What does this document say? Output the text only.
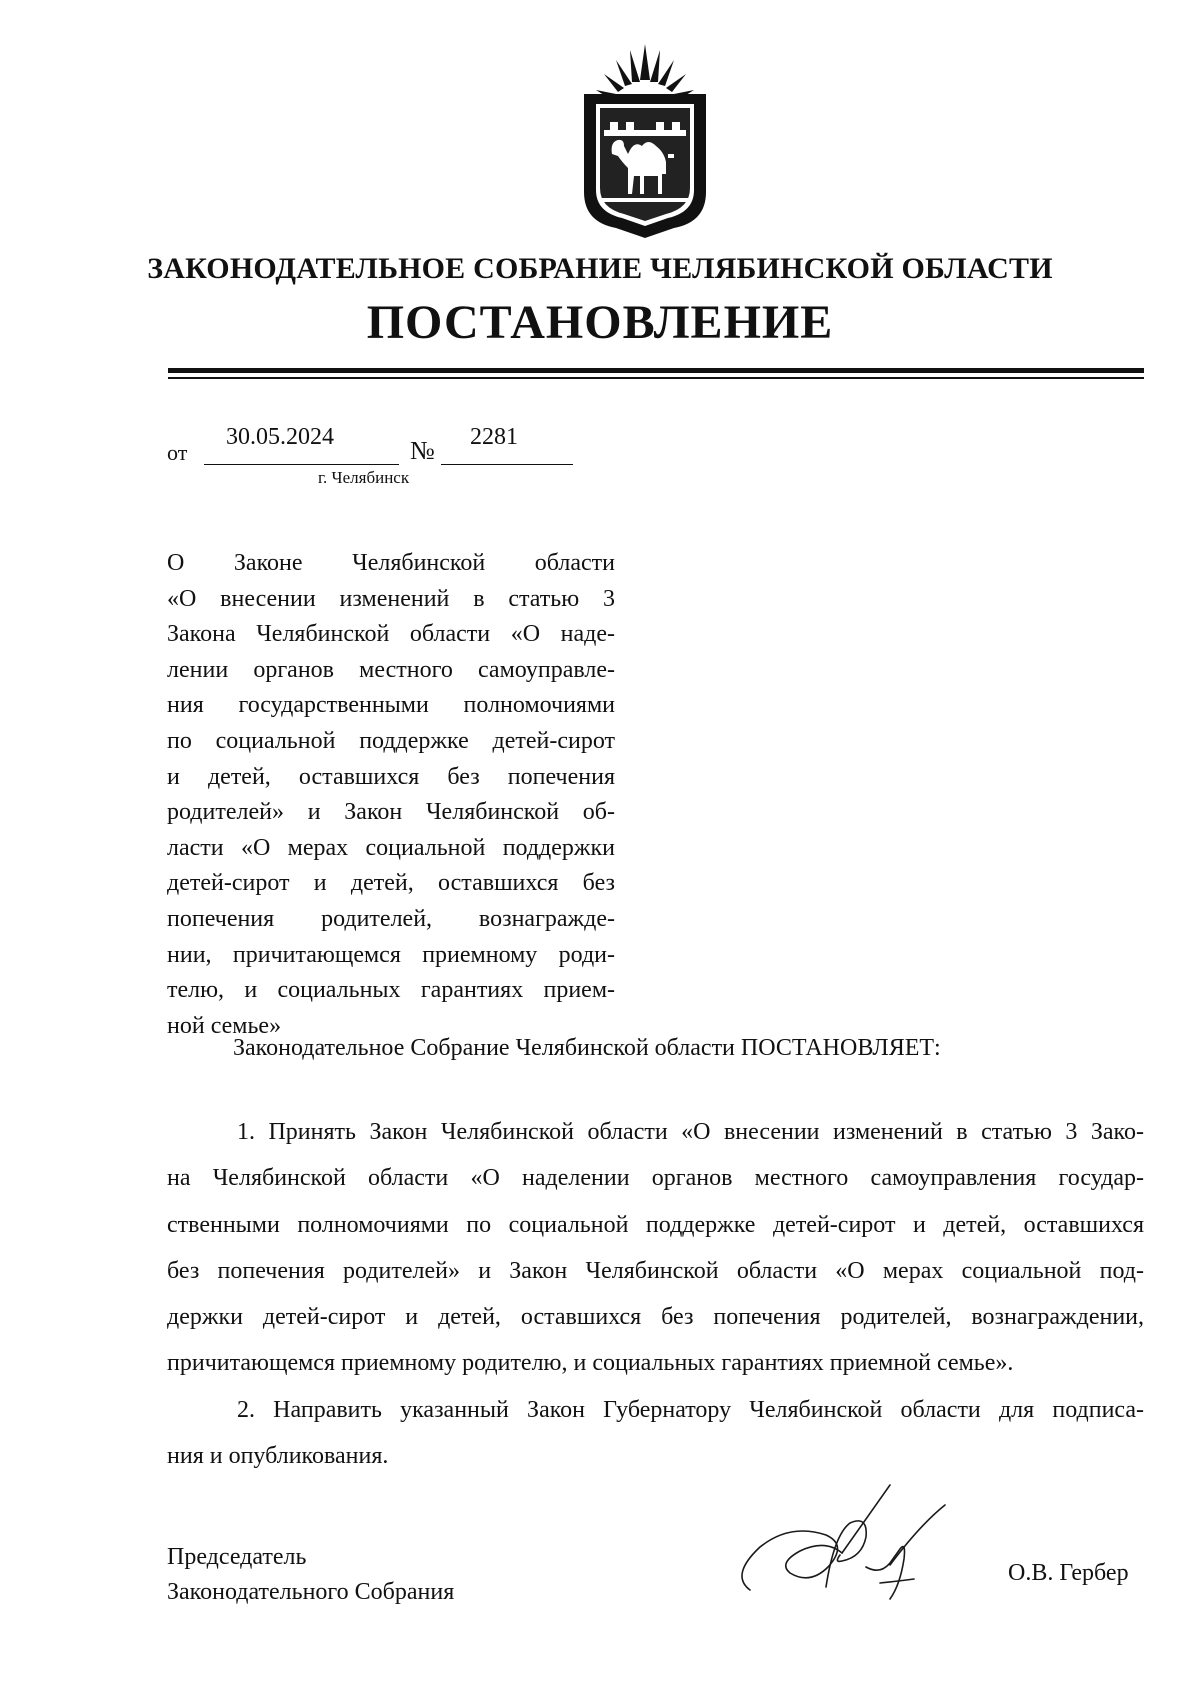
ЗАКОНОДАТЕЛЬНОЕ СОБРАНИЕ ЧЕЛЯБИНСКОЙ ОБЛАСТИ
ПОСТАНОВЛЕНИЕ
от
30.05.2024	№ 2281
г. Челябинск
О Законе Челябинской области
«О внесении изменений в статью 3
Закона Челябинской области «О наде-
лении органов местного самоуправле-
ния государственными полномочиями
по социальной поддержке детей-сирот
и детей, оставшихся без попечения
родителей» и Закон Челябинской об-
ласти «О мерах социальной поддержки
детей-сирот и детей, оставшихся без
попечения родителей, вознагражде-
нии, причитающемся приемному роди-
телю, и социальных гарантиях прием-
ной семье»
Законодательное Собрание Челябинской области ПОСТАНОВЛЯЕТ:
1. Принять Закон Челябинской области «О внесении изменений в статью 3 Зако-
на Челябинской области «О наделении органов местного самоуправления государ-
ственными полномочиями по социальной поддержке детей-сирот и детей, оставшихся
без попечения родителей» и Закон Челябинской области «О мерах социальной под-
держки детей-сирот и детей, оставшихся без попечения родителей, вознаграждении,
причитающемся приемному родителю, и социальных гарантиях приемной семье».
2. Направить указанный Закон Губернатору Челябинской области для подписа-
ния и опубликования.
Председатель
Законодательного Собрания
О.В. Гербер
